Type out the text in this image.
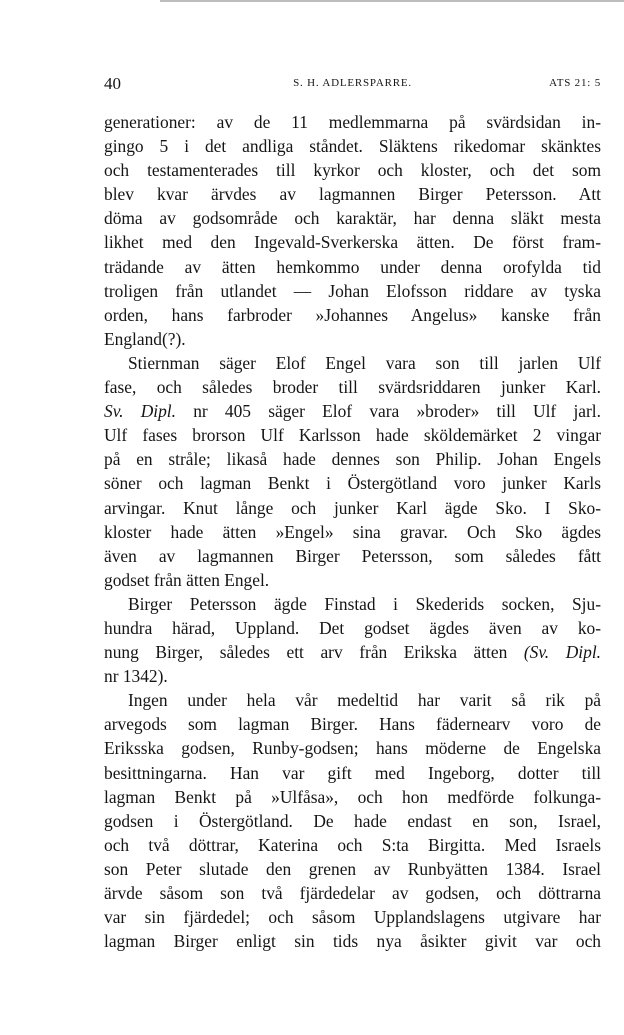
40	S. H. ADLERSPARRE.	ATS 21: 5
generationer: av de 11 medlemmarna på svärdsidan in-
gingo 5 i det andliga ståndet. Släktens rikedomar skänktes
och testamenterades till kyrkor och kloster, och det som
blev kvar ärvdes av lagmannen Birger Petersson. Att
döma av godsområde och karaktär, har denna släkt mesta
likhet med den Ingevald-Sverkerska ätten. De först fram-
trädande av ätten hemkommo under denna orofylda tid
troligen från utlandet — Johan Elofsson riddare av tyska
orden, hans farbroder »Johannes Angelus» kanske från
England(?).
Stiernman säger Elof Engel vara son till jarlen Ulf
fase, och således broder till svärdsriddaren junker Karl.
Sv. Dipl. nr 405 säger Elof vara »broder» till Ulf jarl.
Ulf fases brorson Ulf Karlsson hade sköldemärket 2 vingar
på en stråle; likaså hade dennes son Philip. Johan Engels
söner och lagman Benkt i Östergötland voro junker Karls
arvingar. Knut långe och junker Karl ägde Sko. I Sko-
kloster hade ätten »Engel» sina gravar. Och Sko ägdes
även av lagmannen Birger Petersson, som således fått
godset från ätten Engel.
Birger Petersson ägde Finstad i Skederids socken, Sju-
hundra härad, Uppland. Det godset ägdes även av ko-
nung Birger, således ett arv från Erikska ätten (Sv. Dipl.
nr 1342).
Ingen under hela vår medeltid har varit så rik på
arvegods som lagman Birger. Hans fädernearv voro de
Eriksska godsen, Runby-godsen; hans möderne de Engelska
besittningarna. Han var gift med Ingeborg, dotter till
lagman Benkt på »Ulfåsa», och hon medförde folkunga-
godsen i Östergötland. De hade endast en son, Israel,
och två döttrar, Katerina och S:ta Birgitta. Med Israels
son Peter slutade den grenen av Runbyätten 1384. Israel
ärvde såsom son två fjärdedelar av godsen, och döttrarna
var sin fjärdedel; och såsom Upplandslagens utgivare har
lagman Birger enligt sin tids nya åsikter givit var och
